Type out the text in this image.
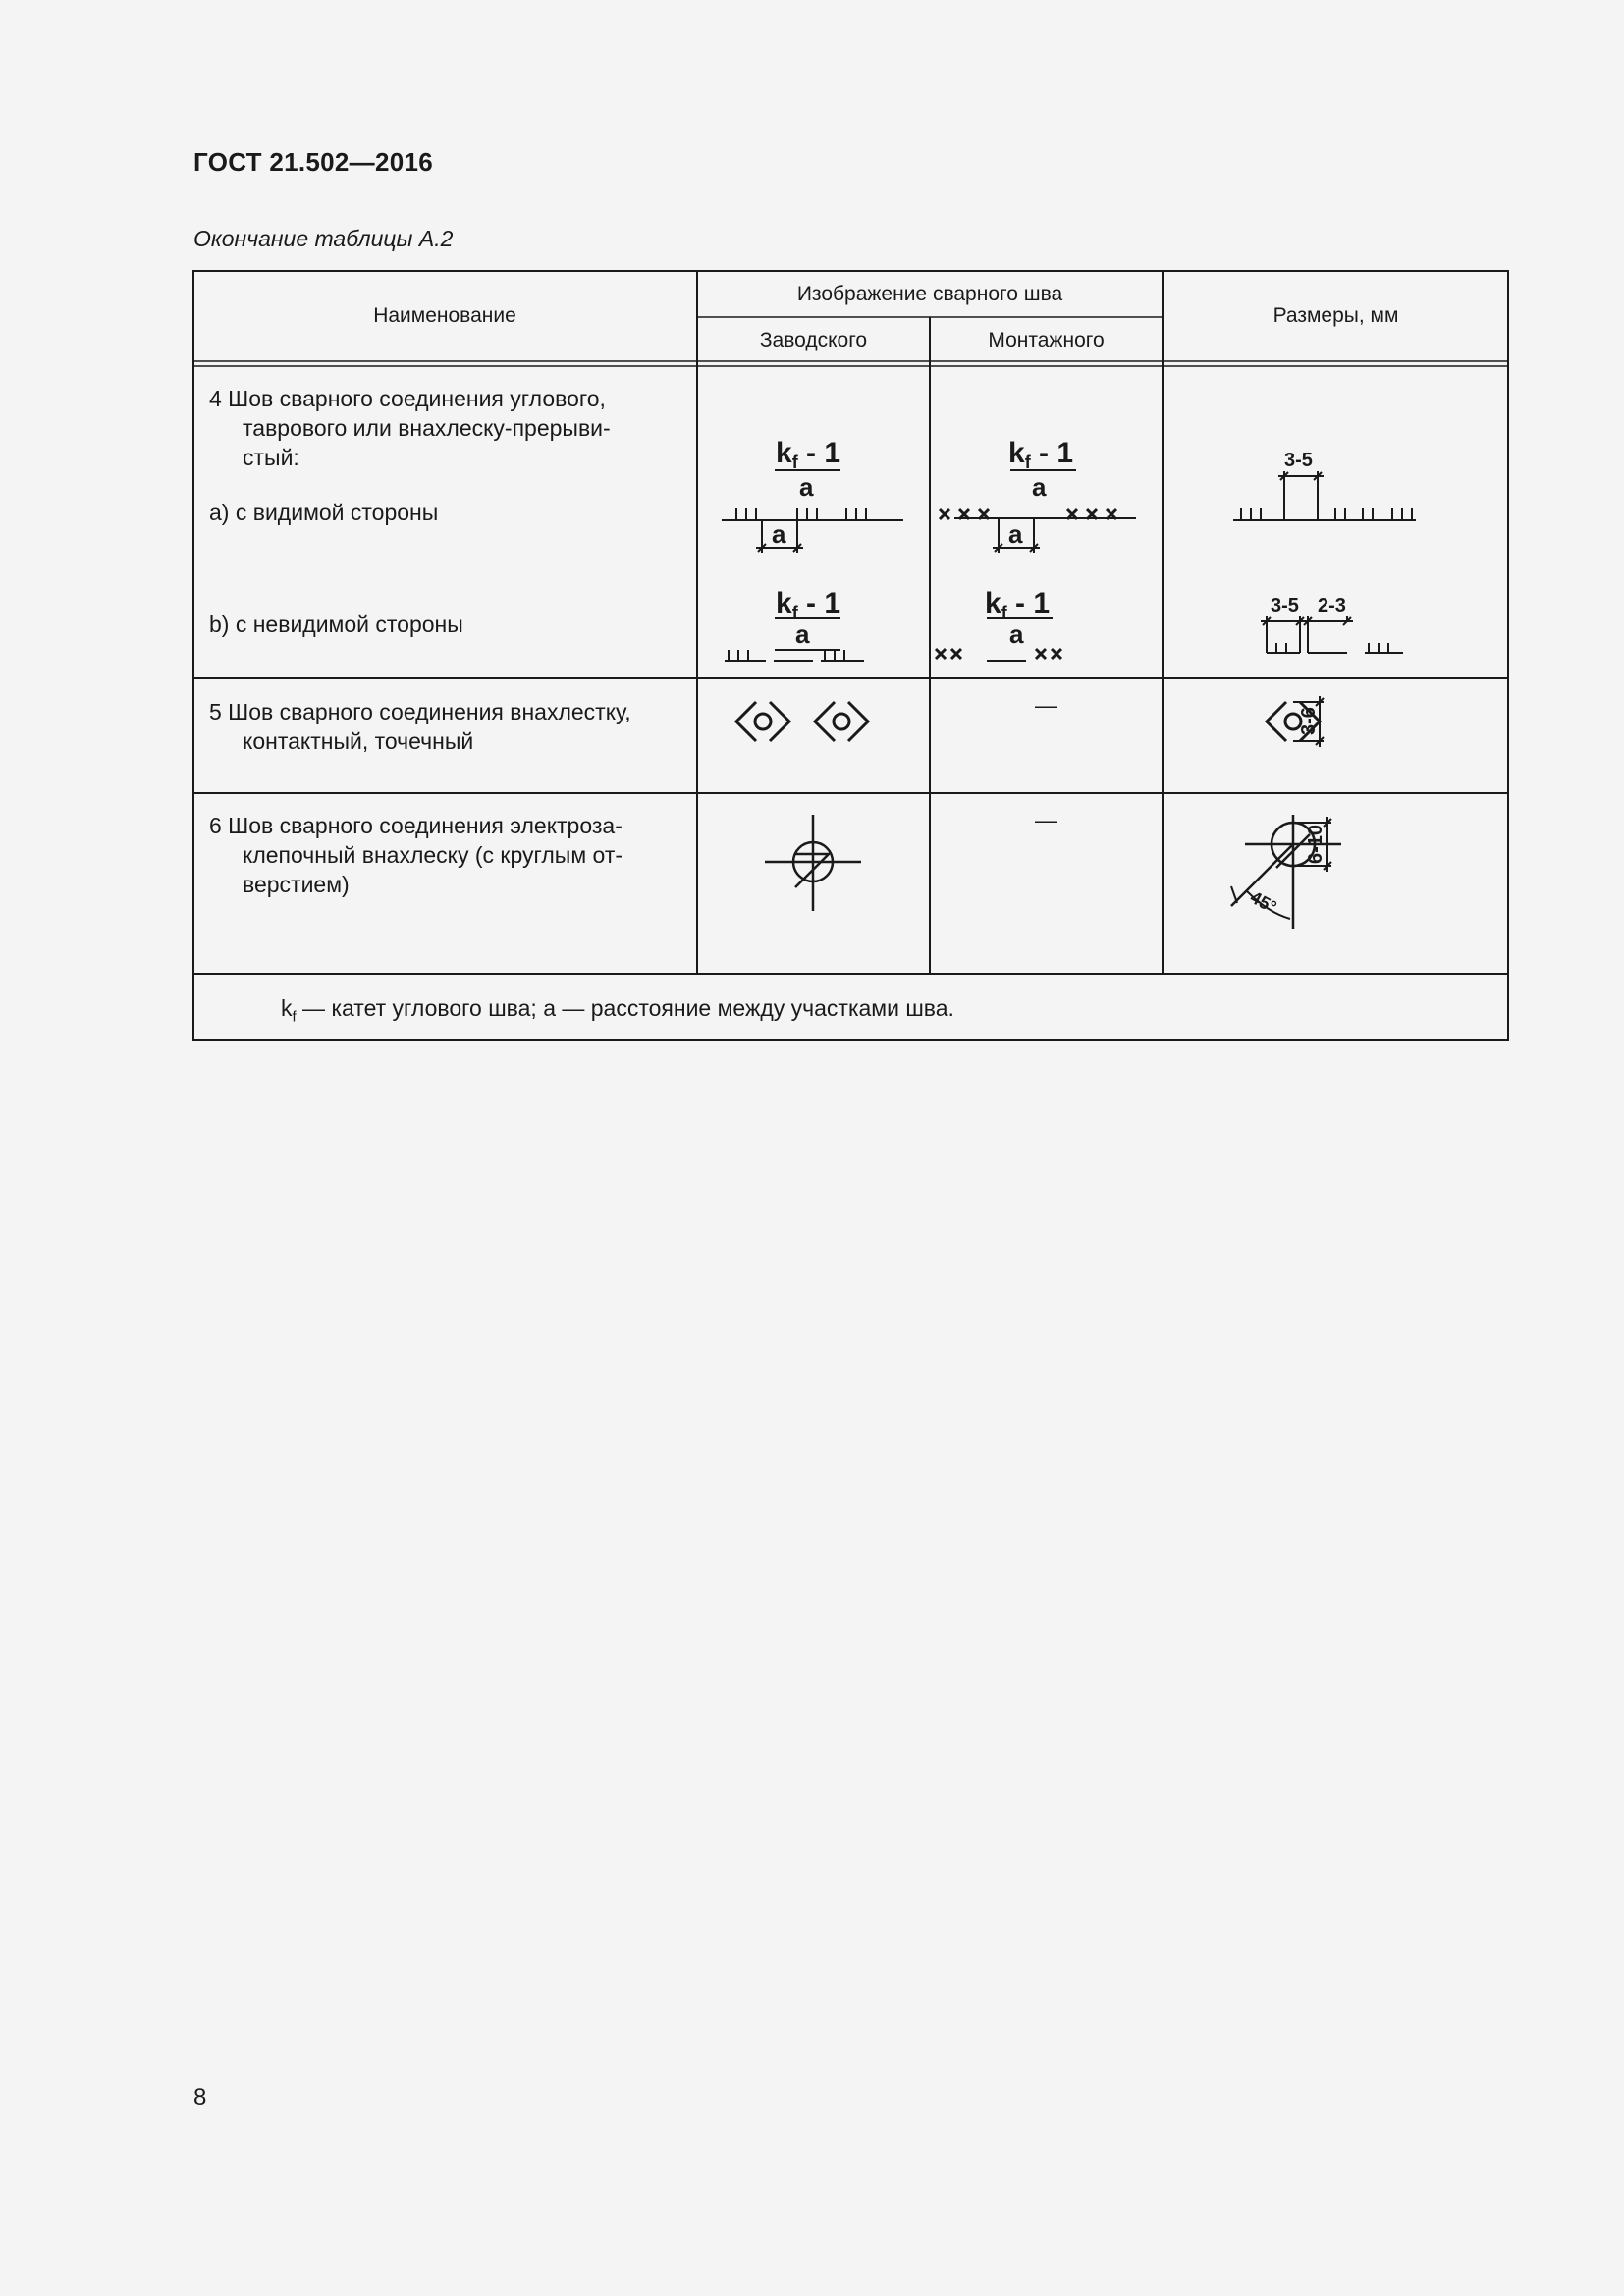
ГОСТ 21.502—2016
Окончание таблицы А.2
Наименование
Изображение сварного шва
Заводского	Монтажного
Размеры, мм
4 Шов сварного соединения углового,
тавpового или внахлеску-прерыви-
стый:
а) с видимой стороны
b) с невидимой стороны
$k_f - 1$
а
а
$k_f - 1$
а
$k_f - 1$
а
а
$k_f - 1$
а
3-5
3-5 2-3
5 Шов сварного соединения внахлестку,
контактный, точечный
—
3-6
6 Шов сварного соединения электроза-
клепочный внахлеску (с круглым от-
верстием)
—
6-10
45°
$k_f$ — катет углового шва; а — расстояние между участками шва.
8
